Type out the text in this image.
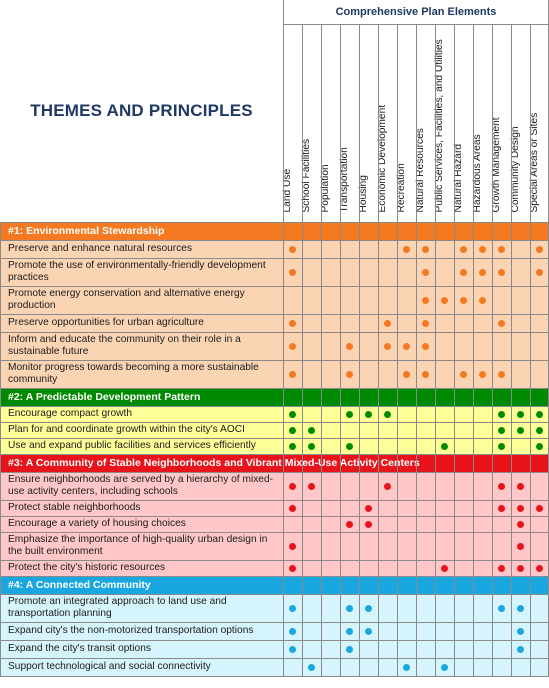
THEMES AND PRINCIPLES
Comprehensive Plan Elements
Land Use School Facilities Population Transportation Housing Economic Development Recreation Natural Resources Public Services, Facilities, and Utilities Natural Hazard Hazardous Areas Growth Management Community Design Special Areas or Sites
#1: Environmental Stewardship
Preserve and enhance natural resources
Promote the use of environmentally-friendly development practices
Promote energy conservation and alternative energy production
Preserve opportunities for urban agriculture
Inform and educate the community on their role in a sustainable future
Monitor progress towards becoming a more sustainable community
#2: A Predictable Development Pattern
Encourage compact growth
Plan for and coordinate growth within the city's AOCI
Use and expand public facilities and services efficiently
#3: A Community of Stable Neighborhoods and Vibrant Mixed-Use Activity Centers
Ensure neighborhoods are served by a hierarchy of mixed-use activity centers, including schools
Protect stable neighborhoods
Encourage a variety of housing choices
Emphasize the importance of high-quality urban design in the built environment
Protect the city's historic resources
#4: A Connected Community
Promote an integrated approach to land use and transportation planning
Expand city's the non-motorized transportation options
Expand the city's transit options
Support technological and social connectivity
